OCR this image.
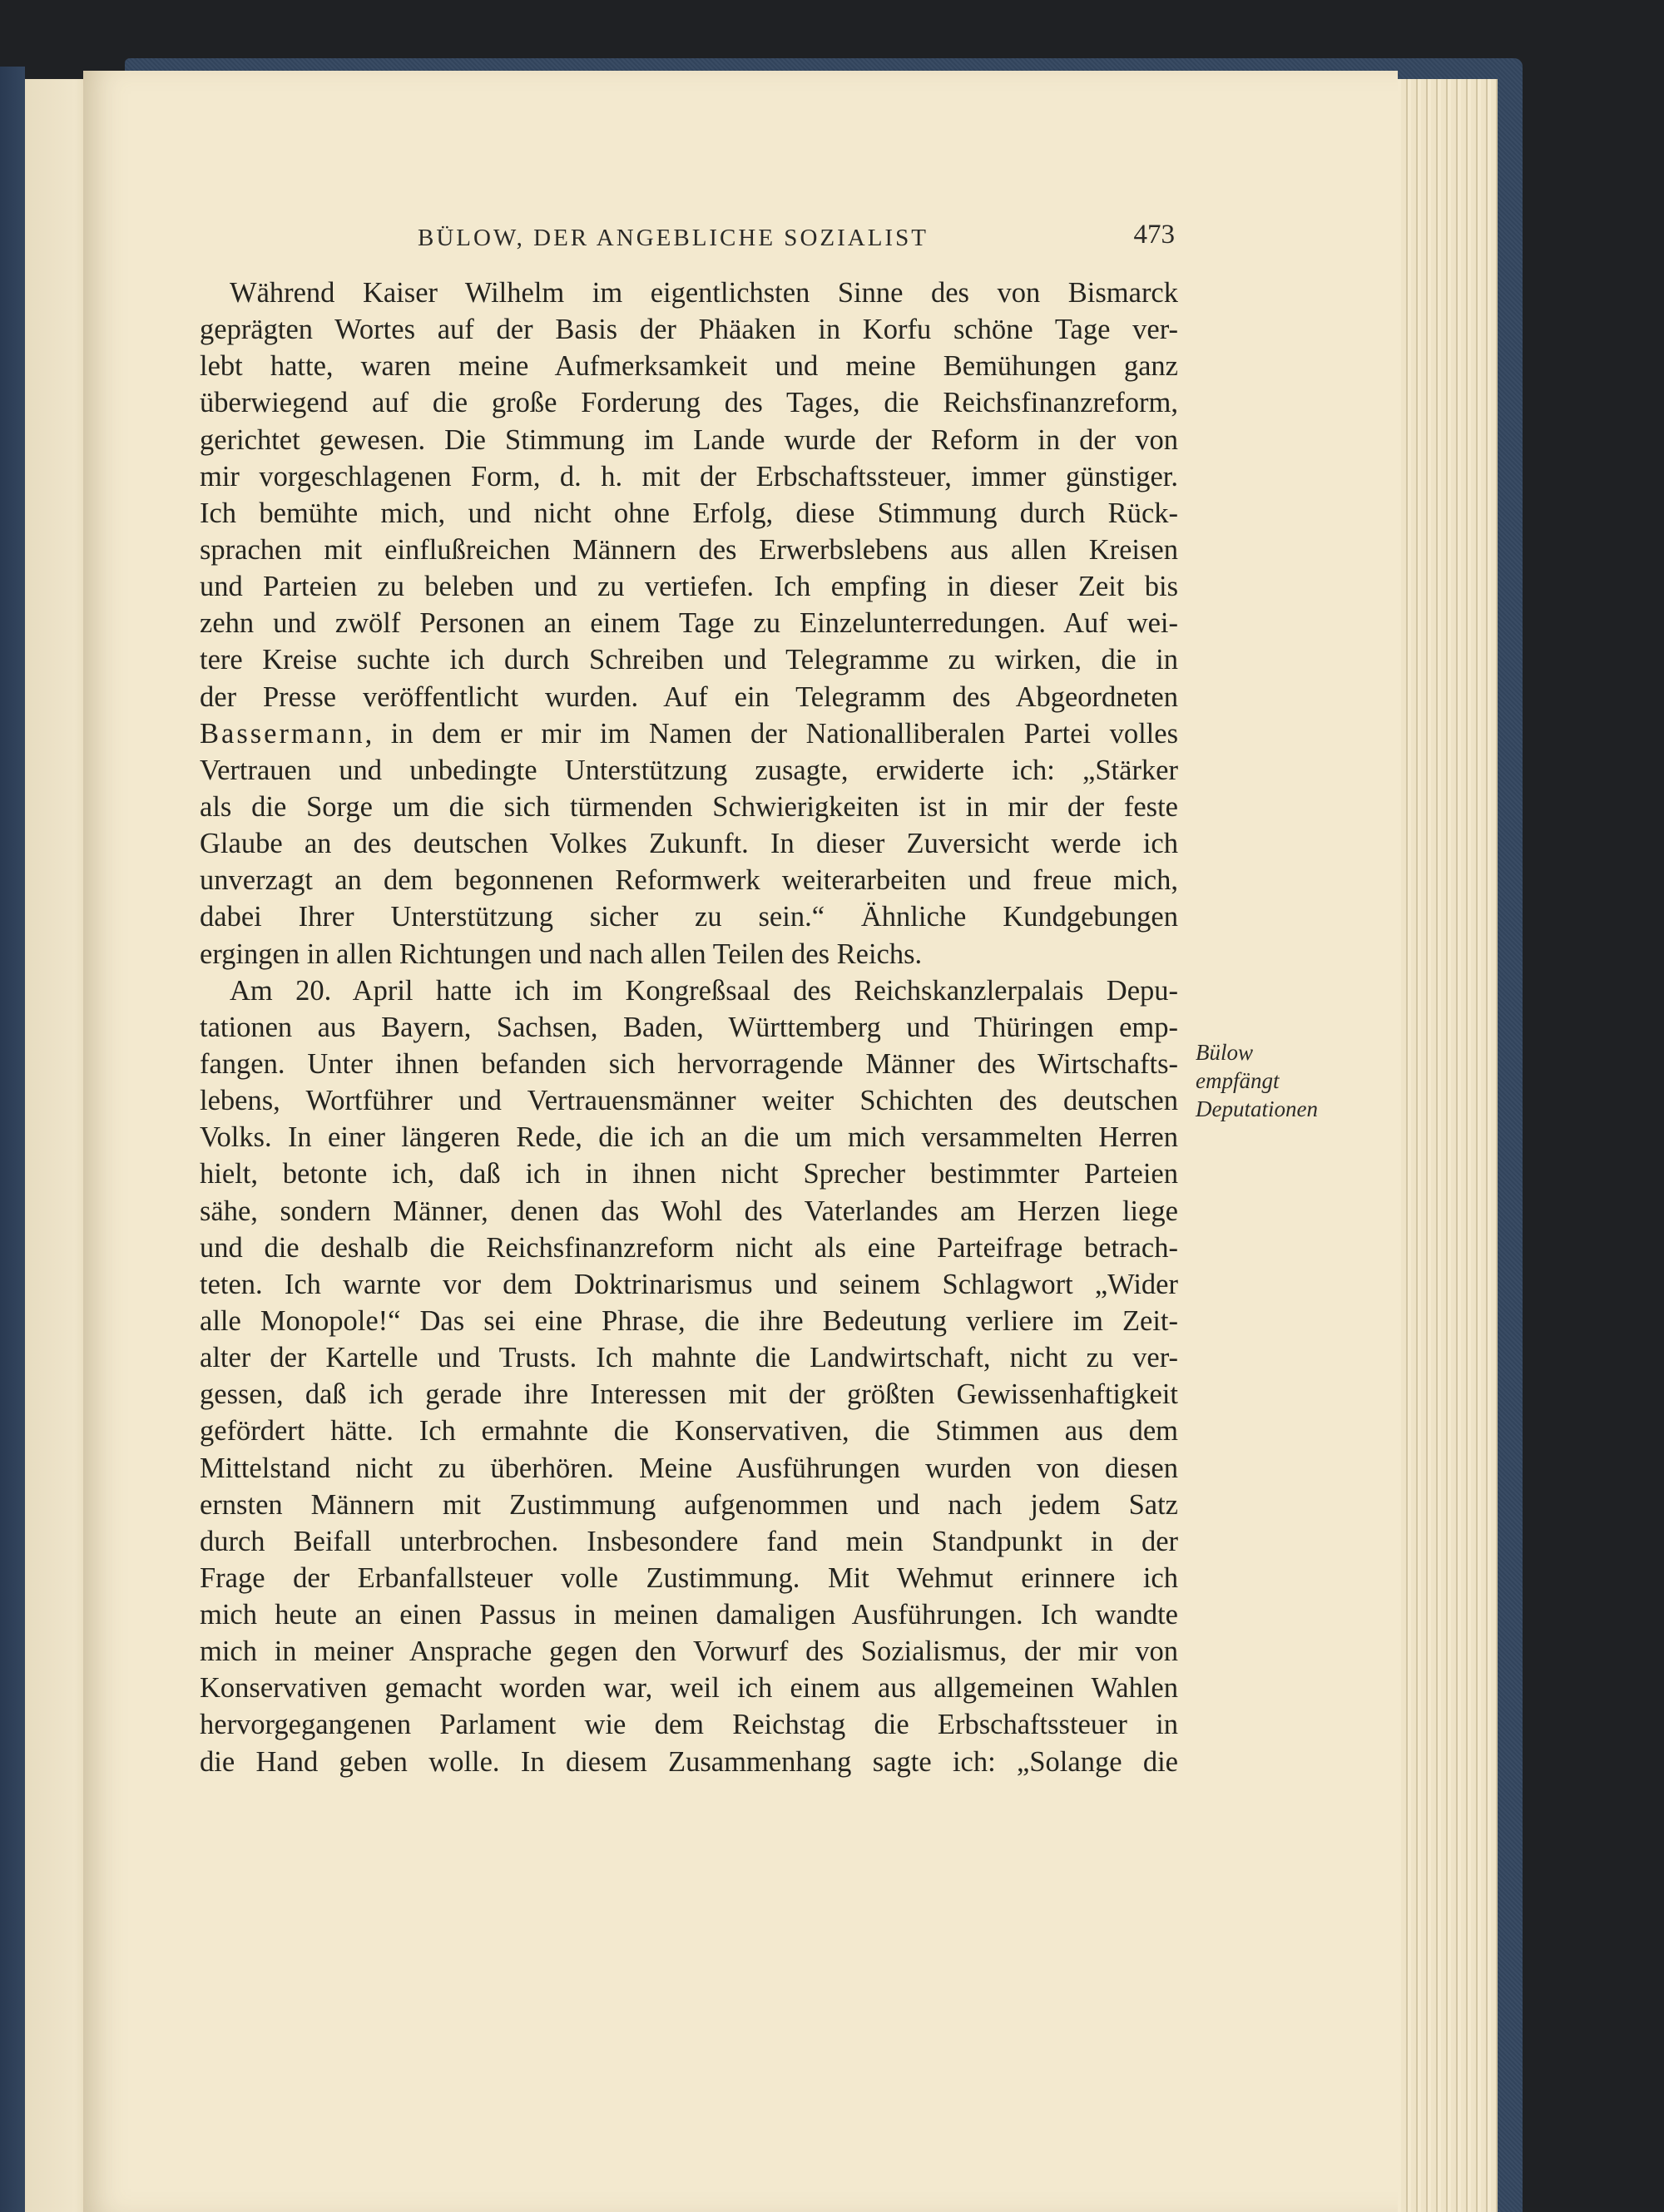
BÜLOW, DER ANGEBLICHE SOZIALIST	473
Während Kaiser Wilhelm im eigentlichsten Sinne des von Bismarck
geprägten Wortes auf der Basis der Phäaken in Korfu schöne Tage ver-
lebt hatte, waren meine Aufmerksamkeit und meine Bemühungen ganz
überwiegend auf die große Forderung des Tages, die Reichsfinanzreform,
gerichtet gewesen. Die Stimmung im Lande wurde der Reform in der von
mir vorgeschlagenen Form, d. h. mit der Erbschaftssteuer, immer günstiger.
Ich bemühte mich, und nicht ohne Erfolg, diese Stimmung durch Rück-
sprachen mit einflußreichen Männern des Erwerbslebens aus allen Kreisen
und Parteien zu beleben und zu vertiefen. Ich empfing in dieser Zeit bis
zehn und zwölf Personen an einem Tage zu Einzelunterredungen. Auf wei-
tere Kreise suchte ich durch Schreiben und Telegramme zu wirken, die in
der Presse veröffentlicht wurden. Auf ein Telegramm des Abgeordneten
Bassermann, in dem er mir im Namen der Nationalliberalen Partei volles
Vertrauen und unbedingte Unterstützung zusagte, erwiderte ich: „Stärker
als die Sorge um die sich türmenden Schwierigkeiten ist in mir der feste
Glaube an des deutschen Volkes Zukunft. In dieser Zuversicht werde ich
unverzagt an dem begonnenen Reformwerk weiterarbeiten und freue mich,
dabei Ihrer Unterstützung sicher zu sein.“ Ähnliche Kundgebungen
ergingen in allen Richtungen und nach allen Teilen des Reichs.
Am 20. April hatte ich im Kongreßsaal des Reichskanzlerpalais Depu-
tationen aus Bayern, Sachsen, Baden, Württemberg und Thüringen emp-
fangen. Unter ihnen befanden sich hervorragende Männer des Wirtschafts-
lebens, Wortführer und Vertrauensmänner weiter Schichten des deutschen
Volks. In einer längeren Rede, die ich an die um mich versammelten Herren
hielt, betonte ich, daß ich in ihnen nicht Sprecher bestimmter Parteien
sähe, sondern Männer, denen das Wohl des Vaterlandes am Herzen liege
und die deshalb die Reichsfinanzreform nicht als eine Parteifrage betrach-
teten. Ich warnte vor dem Doktrinarismus und seinem Schlagwort „Wider
alle Monopole!“ Das sei eine Phrase, die ihre Bedeutung verliere im Zeit-
alter der Kartelle und Trusts. Ich mahnte die Landwirtschaft, nicht zu ver-
gessen, daß ich gerade ihre Interessen mit der größten Gewissenhaftigkeit
gefördert hätte. Ich ermahnte die Konservativen, die Stimmen aus dem
Mittelstand nicht zu überhören. Meine Ausführungen wurden von diesen
ernsten Männern mit Zustimmung aufgenommen und nach jedem Satz
durch Beifall unterbrochen. Insbesondere fand mein Standpunkt in der
Frage der Erbanfallsteuer volle Zustimmung. Mit Wehmut erinnere ich
mich heute an einen Passus in meinen damaligen Ausführungen. Ich wandte
mich in meiner Ansprache gegen den Vorwurf des Sozialismus, der mir von
Konservativen gemacht worden war, weil ich einem aus allgemeinen Wahlen
hervorgegangenen Parlament wie dem Reichstag die Erbschaftssteuer in
die Hand geben wolle. In diesem Zusammenhang sagte ich: „Solange die
Bülow
empfängt
Deputationen
